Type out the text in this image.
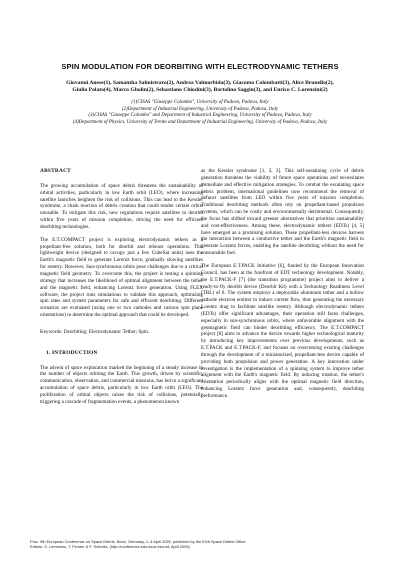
SPIN MODULATION FOR DEORBITING WITH ELECTRODYNAMIC TETHERS
Giovanni Anese(1), Samantha Salmistraro(2), Andrea Valmorbida(3), Giacomo Colombatti(3), Alice Brunello(2),
Giulio Polato(4), Marco Gholin(2), Sebastiano Chiodini(3), Bortolino Saggin(3), and Enrico C. Lorenzini(2)
(1)CISAS "Giuseppe Colombo", University of Padova, Padova, Italy
(2)Department of Industrial Engineering, University of Padova, Padova, Italy
(3)CISAS "Giuseppe Colombo" and Department of Industrial Engineering, University of Padova, Padova, Italy
(4)Department of Physics, University of Trento and Department of Industrial Engineering, University of Padova, Padova, Italy
ABSTRACT

The growing accumulation of space debris threatens the sustainability of orbital activities, particularly in low Earth orbit (LEO), where increasing satellite launches heighten the risk of collisions. This can lead to the Kessler syndrome, a chain reaction of debris creation that could render certain orbits unusable. To mitigate this risk, new regulations require satellites to deorbit within five years of mission completion, driving the need for efficient deorbiting technologies.

The E.T.COMPACT project is exploring electrodynamic tethers as a propellant-free solution, both for deorbit and reboost operations. This lightweight device (designed to occupy just a few CubeSat units) uses the Earth's magnetic field to generate Lorentz force, gradually slowing satellites for reentry. However, Sun-synchronous orbits pose challenges due to a critical magnetic field geometry. To overcome this, the project is testing a spinning strategy that increases the likelihood of optimal alignment between the tether and the magnetic field, enhancing Lorentz force generation. Using FLEX software, the project runs simulations to validate this approach, optimizing spin rates and system parameters for safe and efficient deorbiting. Different scenarios are evaluated (using one or two cathodes and various spin plane orientations) to determine the optimal approach that could be developed.

Keywords: Deorbiting; Electrodynamic Tether; Spin.

1. INTRODUCTION

The advent of space exploration marked the beginning of a steady increase in the number of objects orbiting the Earth. This growth, driven by scientific, communication, observation, and commercial missions, has led to a significant accumulation of space debris, particularly in low Earth orbit (LEO). The proliferation of orbital objects raises the risk of collisions, potentially triggering a cascade of fragmentation events, a phenomenon known

as the Kessler syndrome [1, 2, 3]. This self-sustaining cycle of debris generation threatens the viability of future space operations and necessitates immediate and effective mitigation strategies. To combat the escalating space debris problem, international guidelines now recommend the removal of defunct satellites from LEO within five years of mission completion. Traditional deorbiting methods often rely on propellant-based propulsion systems, which can be costly and environmentally detrimental. Consequently, the focus has shifted toward greener alternatives that prioritize sustainability and cost-effectiveness. Among these, electrodynamic tethers (EDTs) [4, 5] have emerged as a promising solution. These propellant-less devices harness the interaction between a conductive tether and the Earth's magnetic field to generate Lorentz forces, enabling the satellite deorbiting without the need for consumable fuel.

The European E.T.PACK Initiative [6], funded by the European Innovation Council, has been at the forefront of EDT technology development. Notably, the E.T.PACK-F [7] (the transition programme) project aims to deliver a ready-to-fly deorbit device (Deorbit Kit) with a Technology Readiness Level (TRL) of 8. The system employs a deployable aluminum tether and a hollow cathode electron emitter to induce current flow, thus generating the necessary Lorentz drag to facilitate satellite reentry. Although electrodynamic tethers (EDTs) offer significant advantages, their operation still faces challenges, especially in sun-synchronous orbits, where unfavorable alignment with the geomagnetic field can hinder deorbiting efficiency. The E.T.COMPACT project [8] aims to advance the device towards higher technological maturity by introducing key improvements over previous developments, such as E.T.PACK and E.T.PACK-F, and focuses on overcoming existing challenges through the development of a miniaturized, propellant-less device capable of providing both propulsion and power generation. A key innovation under investigation is the implementation of a spinning system to improve tether alignment with the Earth's magnetic field. By inducing rotation, the tether's orientation periodically aligns with the optimal magnetic field direction, enhancing Lorentz force generation and, consequently, deorbiting performance.

Proc. 9th European Conference on Space Debris, Bonn, Germany, 1–4 April 2025, published by the ESA Space Debris Office
Editors: S. Lemmens, T. Flohrer & F. Schmitz, (http://conference.sdo.esoc.esa.int, April 2025)
